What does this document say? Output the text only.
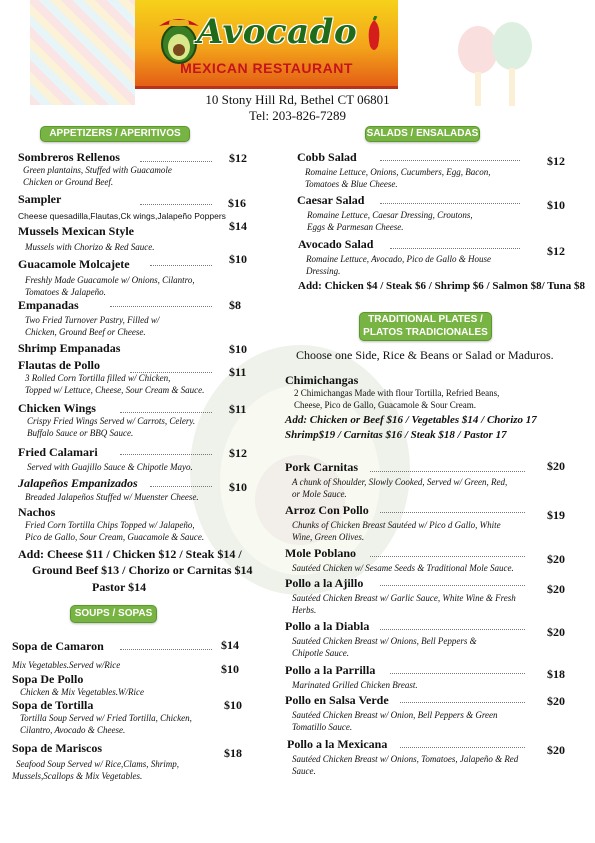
Avocado
MEXICAN RESTAURANT
10 Stony Hill Rd, Bethel CT 06801
Tel: 203-826-7289
APPETIZERS / APERITIVOS	SALADS / ENSALADAS
TRADITIONAL PLATES /
PLATOS TRADICIONALES
SOUPS / SOPAS
Sombreros Rellenos
Green plantains, Stuffed with Guacamole
Chicken or Ground Beef.
$12
Sampler
Cheese quesadilla,Flautas,Ck wings,Jalapeño Poppers
$16
Mussels Mexican Style
Mussels with Chorizo & Red Sauce.
$14
Guacamole Molcajete
Freshly Made Guacamole w/ Onions, Cilantro,
Tomatoes & Jalapeño.
$10
Empanadas
Two Fried Turnover Pastry, Filled w/
Chicken, Ground Beef or Cheese.
$8
Shrimp Empanadas	$10
Flautas de Pollo
3 Rolled Corn Tortilla filled w/ Chicken,
Topped w/ Lettuce, Cheese, Sour Cream & Sauce.
$11
Chicken Wings
Crispy Fried Wings Served w/ Carrots, Celery.
Buffalo Sauce or BBQ Sauce.
$11
Fried Calamari
Served with Guajillo Sauce & Chipotle Mayo.
$12
Jalapeños Empanizados
Breaded Jalapeños Stuffed w/ Muenster Cheese.
$10
Nachos
Fried Corn Tortilla Chips Topped w/ Jalapeño,
Pico de Gallo, Sour Cream, Guacamole & Sauce.
Add: Cheese $11 / Chicken $12 / Steak $14 /
Ground Beef $13 / Chorizo or Carnitas $14
Pastor $14
Sopa de Camaron
Mix Vegetables.Served w/Rice
$14
Sopa De Pollo
Chicken & Mix Vegetables.W/Rice
$10
Sopa de Tortilla
Tortilla Soup Served w/ Fried Tortilla, Chicken,
Cilantro, Avocado & Cheese.
$10
Sopa de Mariscos
Seafood Soup Served w/ Rice,Clams, Shrimp,
Mussels,Scallops & Mix Vegetables.
$18
Cobb Salad
Romaine Lettuce, Onions, Cucumbers, Egg, Bacon,
Tomatoes & Blue Cheese.
$12
Caesar Salad
Romaine Lettuce, Caesar Dressing, Croutons,
Eggs & Parmesan Cheese.
$10
Avocado Salad
Romaine Lettuce, Avocado, Pico de Gallo & House
Dressing.
$12
Add: Chicken $4 / Steak $6 / Shrimp $6 / Salmon $8/ Tuna $8
Choose one Side, Rice & Beans or Salad or Maduros.
Chimichangas
2 Chimichangas Made with flour Tortilla, Refried Beans,
Cheese, Pico de Gallo, Guacamole & Sour Cream.
Add: Chicken or Beef $16 / Vegetables $14 / Chorizo 17
Shrimp$19 / Carnitas $16 / Steak $18 / Pastor 17
Pork Carnitas
A chunk of Shoulder, Slowly Cooked, Served w/ Green, Red,
or Mole Sauce.
$20
Arroz Con Pollo
Chunks of Chicken Breast Sautéed w/ Pico d Gallo, White
Wine, Green Olives.
$19
Mole Poblano
Sautéed Chicken w/ Sesame Seeds & Traditional Mole Sauce.
$20
Pollo a la Ajillo
Sautéed Chicken Breast w/ Garlic Sauce, White Wine & Fresh
Herbs.
$20
Pollo a la Diabla
Sautéed Chicken Breast w/ Onions, Bell Peppers &
Chipotle Sauce.
$20
Pollo a la Parrilla
Marinated Grilled Chicken Breast.
$18
Pollo en Salsa Verde
Sautéed Chicken Breast w/ Onion, Bell Peppers & Green
Tomatillo Sauce.
$20
Pollo a la Mexicana
Sautéed Chicken Breast w/ Onions, Tomatoes, Jalapeño & Red
Sauce.
$20
